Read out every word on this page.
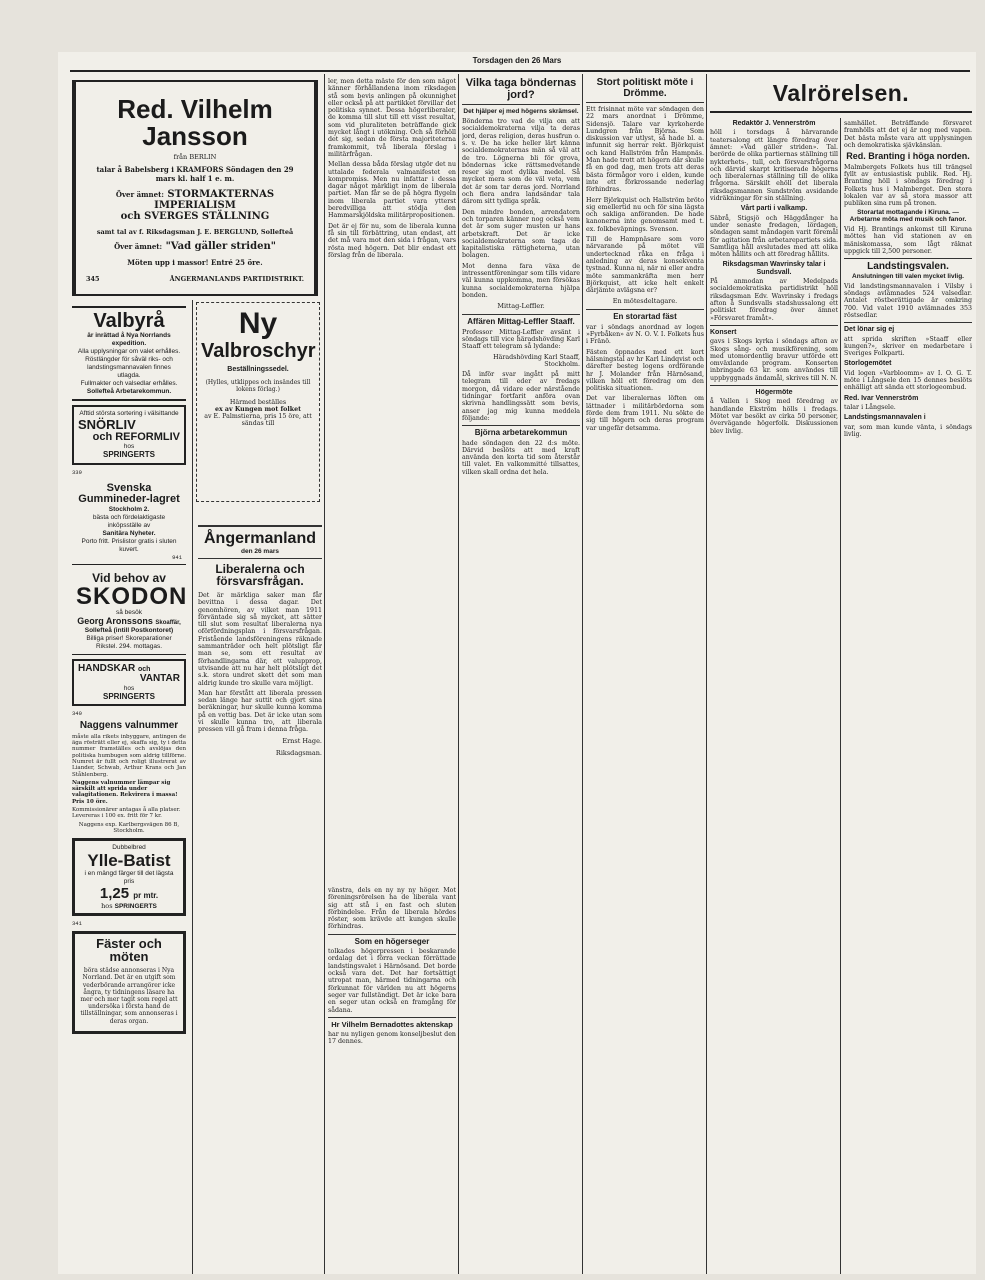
Torsdagen den 26 Mars
Red. Vilhelm Jansson
från BERLIN
talar å Babelsberg i KRAMFORS Söndagen den 29
mars kl. half 1 e. m.
Över ämnet: STORMAKTERNAS IMPERIALISM
och SVERGES STÄLLNING
samt tal av f. Riksdagsman J. E. BERGLUND, Sollefteå
Över ämnet: "Vad gäller striden"
Möten upp i massor! Entré 25 öre.
345	ÅNGERMANLANDS PARTIDISTRIKT.
Valbyrå
är inrättad å Nya Norrlands expedition.
Alla upplysningar om valet erhålles. Röstlängder för såväl riks- och landstingsmannavalen finnes utlagda.
Fullmakter och valsedlar erhålles.
Sollefteå Arbetarekommun.
Afttid största sortering i välsittande
SNÖRLIV
och REFORMLIV
hos
SPRINGERTS
339
Svenska
Gummineder-lagret
Stockholm 2.
bästa och fördelaktigaste inköpsställe av
Sanitära Nyheter.
Porto fritt. Prislistor gratis i sluten kuvert.
941
Vid behov av
SKODON
så besök
Georg Aronssons Skoaffär,
Sollefteå (intill Postkontoret)
Billiga priser! Skoreparationer
Rikstel. 294. mottagas.
HANDSKAR och
VANTAR
hos
SPRINGERTS
340
Naggens valnummer

måste alla rikets inbyggare, antingen de äga rösträtt eller ej, skaffa sig, ty i detta nummer framställes och avslöjas den politiska humbugen som aldrig tillförne. Numret är fullt och roligt illustrerat av Liander, Schwab, Arthur Krans och Jan Ståhlenberg.

Naggens valnummer lämpar sig särskilt att sprida under valagitationen. Rekvirera i massa! Pris 10 öre.

Kommissionärer antagas å alla platser. Levereras i 100 ex. fritt för 7 kr.

Naggens exp. Karlbergsvägen 86 B, Stockholm.

Dubbelbred
Ylle-Batist
i en mängd färger till det lägsta pris
1,25 pr mtr.
hos SPRINGERTS
341
Fäster och möten

böra städse annonseras i Nya Norrland. Det är en utgift som vederbörande arrangörer icke ångra, ty tidningens läsare ha mer och mer tagit som regel att undersöka i första hand de tillställningar, som annonseras i deras organ.

ler, men detta måste för den som något känner förhållandena inom riksdagen stå som bevis anlingen på okunnighet eller också på att partikket förvillar det politiska synnet. Dessa högerliberaler, de komma till slut till ett visst resultat, som vid pluraliteten beträffande gick mycket långt i utökning. Och så förhöll det sig, sedan de första majoriteterna framkommit, två liberala förslag i militärfrågan.

Mellan dessa båda förslag utgör det nu uttalade federala valmanifestet en kompromiss. Men nu infattar i dessa dagar något märkligt inom de liberala partiet. Man får se de på högra flygeln inom liberala partiet vara ytterst beredvilliga att stödja den Hammarskjöldska militärpropositionen.

Det är ej för nu, som de liberala kunna få sin till förbättring, utan endast, att det må vara mot den sida i frågan, vars rösta med högern. Det blir endast ett förslag från de liberala.

Ny
Valbroschyr
Beställningssedel.
(Hylles, utklippes och insändes till lokens förlag.)
Härmed beställes
ex av Kungen mot folket
av E. Palmstierna, pris 15 öre, att sändas till
Ångermanland
den 26 mars
Liberalerna och försvarsfrågan.

Det är märkliga saker man får bevittna i dessa dagar. Det genomhören, av vilket man 1911 förväntade sig så mycket, att sätter till slut som resultat liberalerna nya oförfördningsplan i försvarsfrågan. Fristående landsföreningens räknade sammanträder och helt plötsligt får man se, som ett resultat av förhandlingarna där, ett valupprop, utvisande att nu har helt plötsligt det s.k. stora undret skett det som man aldrig kunde tro skulle vara möjligt.

Man har förstått att liberala pressen sedan länge har suttit och gjort sina beräkningar, hur skulle kunna komma på en vettig bas. Det är icke utan som vi skulle kunna tro, att liberala pressen vill gå fram i denna fråga.

Ernst Hage.
Riksdagsman.

vänstra, dels en ny ny ny höger. Mot föreningsrörelsen ha de liberala vant sig att stå i en fast och sluten förbindelse. Från de liberala hördes röster, som krävde att kungen skulle förhindras.

Som en högerseger

tolkades högerpressen i beskarande ordalag det i förra veckan förrättade landstingsvalet i Härnösand. Det borde också vara det. Det har fortsättigt utropat man, härmed tidningarna och förkunnat för världen nu att högerns seger var fullständigt. Det är icke bara en seger utan också en framgång för sådana.

Hr Vilhelm Bernadottes aktenskap

har nu nyligen genom konseljbeslut den 17 dennes.

Vilka taga böndernas jord?
Det hjälper ej med högerns skrämsel.

Bönderna tro vad de vilja om att socialdemokraterna vilja ta deras jord, deras religion, deras husfrun o. s. v. De ha icke heller lärt känna socialdemokraternas män så väl att de tro. Lögnerna bli för grova, böndernas icke rättsmedvetande reser sig mot dylika medel. Så mycket mera som de väl veta, vem det är som tar deras jord. Norrland och flera andra landsändar tala därom sitt tydliga språk.

Den mindre bonden, arrendatorn och torparen känner nog också vem det är som suger musten ur hans arbetskraft. Det är icke socialdemokraterna som taga de kapitalistiska rättigheterna, utan bolagen.

Mot denna fara växa de intressentföreningar som tills vidare väl kunna uppkomma, men försökas kunna socialdemokraterna hjälpa bonden.

Mittag-Leffler.
Affären Mittag-Leffler Staaff.

Professor Mittag-Leffler avsänt i söndags till vice häradshövding Karl Staaff ett telegram så lydande:

Häradshövding Karl Staaff, Stockholm.

Då inför svar ingått på mitt telegram till eder av fredags morgon, då vidare eder närstående tidningar fortfarit anföra ovan skrivna handlingssätt som bevis, anser jag mig kunna meddela följande:

Björna arbetarekommun

hade söndagen den 22 d:s möte. Därvid beslöts att med kraft använda den korta tid som återstår till valet. En valkommitté tillsattes, vilken skall ordna det hela.

Stort politiskt möte i Drömme.

Ett frisinnat möte var söndagen den 22 mars anordnat i Drömme, Sidensjö. Talare var kyrkoherde Lundgren från Björna. Som diskussion var utlyst, så hade bl. a. infunnit sig herrar rekt. Björkquist och kand Hallström från Hampnäs. Man hade trott att högern där skulle få en god dag, men trots att deras bästa förmågor voro i elden, kunde inte ett förkrossande nederlag förhindras.

Herr Björkquist och Hallström bröto sig emellertid nu och för sina lägsta och sakliga anföranden. De hade kanonerna inte genomsamt med t. ex. folkbeväpnings. Svenson.

Till de Hampnäsare som voro närvarande på mötet vill undertecknad råka en fråga i anledning av deras konsekventa tystnad. Kunna ni, när ni eller andra möte sammankräfta men herr Björkquist, att icke helt enkelt därjämte avlägsna er?

En mötesdeltagare.
En storartad fäst

var i söndags anordnad av logen »Fyrbåken» av N. O. V. I. Folkets hus i Fränö.

Fästen öppnades med ett kort hälsningstal av hr Karl Lindqvist och därefter besteg logens ordförande hr J. Molander från Härnösand, vilken höll ett föredrag om den politiska situationen.

Det var liberalernas löften om lättnader i militärbördorna som förde dem fram 1911. Nu sökte de sig till högern och deras program var ungefär detsamma.

Valrörelsen.
Redaktör J. Vennerström

höll i torsdags å härvarande teatersalong ett längre föredrag över ämnet: »Vad gäller striden». Tal. berörde de olika partiernas ställning till nykterhets-, tull, och försvarsfrågorna och därvid skarpt kritiserade högerns och liberalernas ställning till de olika frågorna. Särskilt ehöll det liberala riksdagsmannen Sundström avsidande vidräkningar för sin ställning.

Vårt parti i valkamp.

Säbrå, Stigsjö och Häggdånger ha under senaste fredagen, lördagen, söndagen samt måndagen varit föremål för agitation från arbetarepartiets sida. Samtliga håll avslutades med att olika möten hållits och att föredrag hållits.

Riksdagsman Wavrinsky talar i Sundsvall.

På anmodan av Medelpads socialdemokratiska partidistrikt höll riksdagsman Edv. Wavrinsky i fredags afton å Sundsvalls stadshussalong ett politiskt föredrag över ämnet »Försvaret framåt».

Konsert

gavs i Skogs kyrka i söndags afton av Skogs sång- och musikförening, som med utomordentlig bravur utförde ett omväxlande program. Konserten inbringade 63 kr. som användes till uppbyggnads ändamål, skrives till N. N.

Högermöte

å Vallen i Skog med föredrag av handlande Ekström hölls i fredags. Mötet var besökt av cirka 50 personer, övervägande högerfolk. Diskussionen blev livlig.

samhället. Beträffande försvaret framhölls att det ej är nog med vapen. Det bästa måste vara att upplysningen och demokratiska sjävkänslan.

Red. Branting i höga norden.

Malmbergets Folkets hus till trängsel fyllt av entusiastisk publik. Red. Hj. Branting höll i söndags föredrag i Folkets hus i Malmberget. Den stora lokalen var av så stora massor att publiken sina rum på tronen.

Storartat mottagande i Kiruna. — Arbetarne möta med musik och fanor.

Vid Hj. Brantings ankomst till Kiruna möttes han vid stationen av en mäniskomassa, som lågt räknat uppgick till 2,500 personer.

Landstingsvalen.
Anslutningen till valen mycket livlig.

Vid landstingsmannavalen i Vilsby i söndags avlämnades 524 valsedlar. Antalet röstberättigade är omkring 700. Vid valet 1910 avlämnades 353 röstsedlar.

Det lönar sig ej

att sprida skriften »Staaff eller kungen?», skriver en medarbetare i Sveriges Folkparti.

Storlogemötet

Vid logen »Varbloomm» av I. O. G. T. möte i Långsele den 15 dennes beslöts enhälligt att sända ett storlogeombud.

Red. Ivar Vennerström

talar i Långsele.

Landstingsmannavalen i

var, som man kunde vänta, i söndags livlig.
